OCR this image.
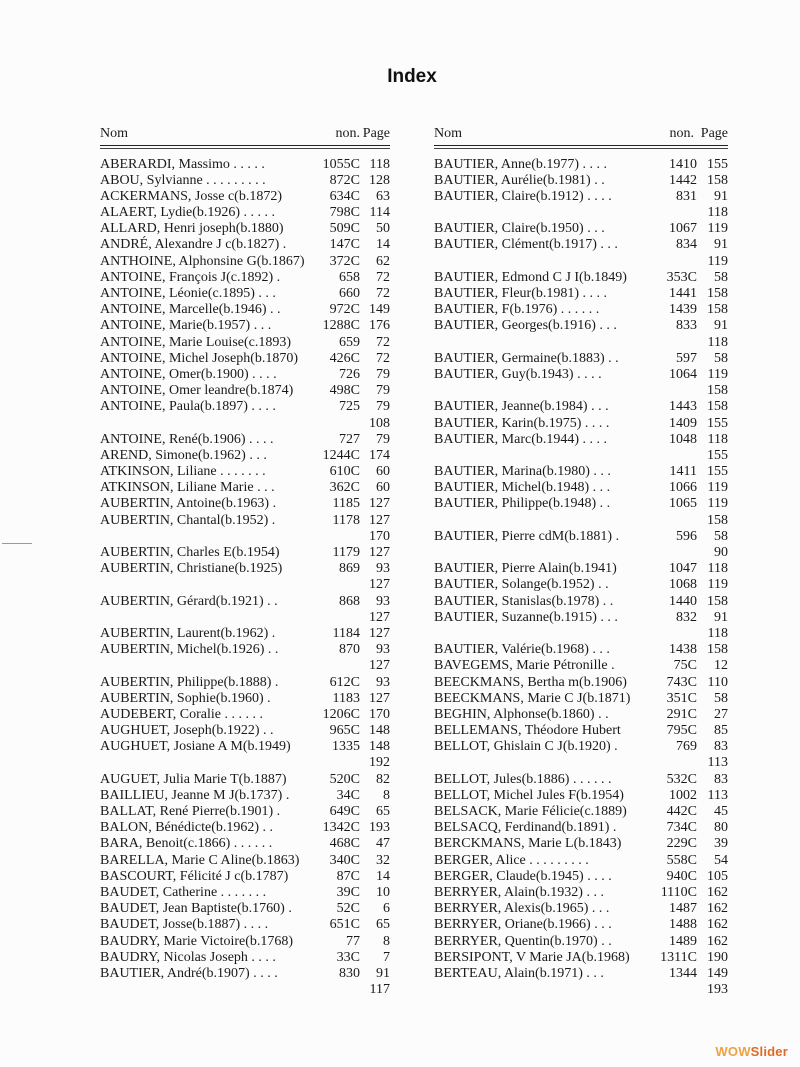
Index
Nom	non. Page
ABERARDI, Massimo . . . . .	1055C 118
ABOU, Sylvianne . . . . . . . . .	872C 128
ACKERMANS, Josse c(b.1872)	634C 63
ALAERT, Lydie(b.1926) . . . . .	798C 114
ALLARD, Henri joseph(b.1880)	509C 50
ANDRÉ, Alexandre J c(b.1827) .	147C 14
ANTHOINE, Alphonsine G(b.1867) 372C 62
ANTOINE, François J(c.1892) .	658 72
ANTOINE, Léonie(c.1895) . . .	660 72
ANTOINE, Marcelle(b.1946) . .	972C 149
ANTOINE, Marie(b.1957) . . .	1288C 176
ANTOINE, Marie Louise(c.1893)	659 72
ANTOINE, Michel Joseph(b.1870) 426C 72
ANTOINE, Omer(b.1900) . . . .	726 79
ANTOINE, Omer leandre(b.1874)	498C 79
ANTOINE, Paula(b.1897) . . . .	725 79
108
ANTOINE, René(b.1906) . . . .	727 79
AREND, Simone(b.1962) . . .	1244C 174
ATKINSON, Liliane . . . . . . .	610C 60
ATKINSON, Liliane Marie . . .	362C 60
AUBERTIN, Antoine(b.1963) .	1185 127
AUBERTIN, Chantal(b.1952) .	1178 127
170
AUBERTIN, Charles E(b.1954)	1179 127
AUBERTIN, Christiane(b.1925)	869 93
127
AUBERTIN, Gérard(b.1921) . .	868 93
127
AUBERTIN, Laurent(b.1962) .	1184 127
AUBERTIN, Michel(b.1926) . .	870 93
127
AUBERTIN, Philippe(b.1888) .	612C 93
AUBERTIN, Sophie(b.1960) .	1183 127
AUDEBERT, Coralie . . . . . .	1206C 170
AUGHUET, Joseph(b.1922) . .	965C 148
AUGHUET, Josiane A M(b.1949)	1335 148
192
AUGUET, Julia Marie T(b.1887)	520C 82
BAILLIEU, Jeanne M J(b.1737) .	34C 8
BALLAT, René Pierre(b.1901) .	649C 65
BALON, Bénédicte(b.1962) . .	1342C 193
BARA, Benoit(c.1866) . . . . . .	468C 47
BARELLA, Marie C Aline(b.1863) 340C 32
BASCOURT, Félicité J c(b.1787)	87C 14
BAUDET, Catherine . . . . . . .	39C 10
BAUDET, Jean Baptiste(b.1760) .	52C 6
BAUDET, Josse(b.1887) . . . .	651C 65
BAUDRY, Marie Victoire(b.1768)	77 8
BAUDRY, Nicolas Joseph . . . .	33C 7
BAUTIER, André(b.1907) . . . .	830 91
117
Nom	non. Page
BAUTIER, Anne(b.1977) . . . .	1410 155
BAUTIER, Aurélie(b.1981) . .	1442 158
BAUTIER, Claire(b.1912) . . . .	831 91
118
BAUTIER, Claire(b.1950) . . .	1067 119
BAUTIER, Clément(b.1917) . . .	834 91
119
BAUTIER, Edmond C J I(b.1849)	353C 58
BAUTIER, Fleur(b.1981) . . . .	1441 158
BAUTIER, F(b.1976) . . . . . .	1439 158
BAUTIER, Georges(b.1916) . . .	833 91
118
BAUTIER, Germaine(b.1883) . .	597 58
BAUTIER, Guy(b.1943) . . . .	1064 119
158
BAUTIER, Jeanne(b.1984) . . .	1443 158
BAUTIER, Karin(b.1975) . . . .	1409 155
BAUTIER, Marc(b.1944) . . . .	1048 118
155
BAUTIER, Marina(b.1980) . . .	1411 155
BAUTIER, Michel(b.1948) . . .	1066 119
BAUTIER, Philippe(b.1948) . .	1065 119
158
BAUTIER, Pierre cdM(b.1881) .	596 58
90
BAUTIER, Pierre Alain(b.1941)	1047 118
BAUTIER, Solange(b.1952) . .	1068 119
BAUTIER, Stanislas(b.1978) . .	1440 158
BAUTIER, Suzanne(b.1915) . . .	832 91
118
BAUTIER, Valérie(b.1968) . . .	1438 158
BAVEGEMS, Marie Pétronille .	75C 12
BEECKMANS, Bertha m(b.1906)	743C 110
BEECKMANS, Marie C J(b.1871)	351C 58
BEGHIN, Alphonse(b.1860) . .	291C 27
BELLEMANS, Théodore Hubert	795C 85
BELLOT, Ghislain C J(b.1920) .	769 83
113
BELLOT, Jules(b.1886) . . . . . .	532C 83
BELLOT, Michel Jules F(b.1954)	1002 113
BELSACK, Marie Félicie(c.1889)	442C 45
BELSACQ, Ferdinand(b.1891) .	734C 80
BERCKMANS, Marie L(b.1843)	229C 39
BERGER, Alice . . . . . . . . .	558C 54
BERGER, Claude(b.1945) . . . .	940C 105
BERRYER, Alain(b.1932) . . .	1110C 162
BERRYER, Alexis(b.1965) . . .	1487 162
BERRYER, Oriane(b.1966) . . .	1488 162
BERRYER, Quentin(b.1970) . .	1489 162
BERSIPONT, V Marie JA(b.1968) 1311C 190
BERTEAU, Alain(b.1971) . . .	1344 149
193
WOWSlider
